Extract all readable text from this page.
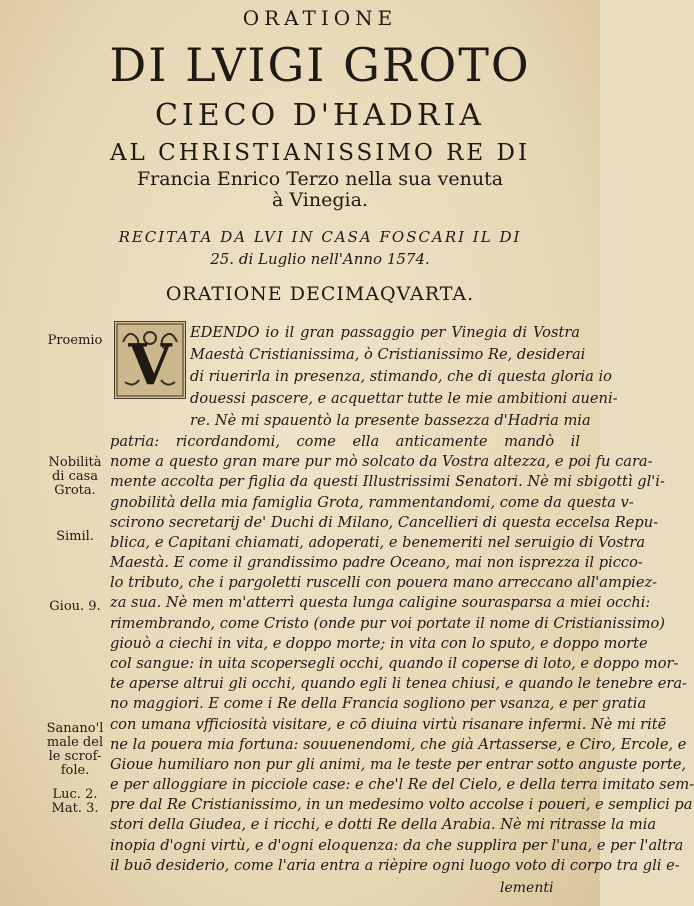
ORATIONE
DI LVIGI GROTO
CIECO D'HADRIA
AL CHRISTIANISSIMO RE DI
Francia Enrico Terzo nella sua venuta
à Vinegia.
RECITATA DA LVI IN CASA FOSCARI IL DI
25. di Luglio nell'Anno 1574.
ORATIONE DECIMAQVARTA.
Proemio
Nobilità
di casa
Grota.
Simil.
Giou. 9.
Sanano'l
male del
le scrof-
fole.
Luc. 2.
Mat. 3.
V EDENDO io il gran passaggio per Vinegia di Vostra
Maestà Cristianissima, ò Cristianissimo Re, desiderai
di riuerirla in presenza, stimando, che di questa gloria io
douessi pascere, e acquettar tutte le mie ambitioni aueni-
re. Nè mi spauentò la presente bassezza d'Hadria mia
patria: ricordandomi, come ella anticamente mandò il
nome a questo gran mare pur mò solcato da Vostra altezza, e poi fu cara-
mente accolta per figlia da questi Illustrissimi Senatori. Nè mi sbigottì gl'i-
gnobilità della mia famiglia Grota, rammentandomi, come da questa v-
scirono secretarij de' Duchi di Milano, Cancellieri di questa eccelsa Repu-
blica, e Capitani chiamati, adoperati, e benemeriti nel seruigio di Vostra
Maestà. E come il grandissimo padre Oceano, mai non isprezza il picco-
lo tributo, che i pargoletti ruscelli con pouera mano arreccano all'ampiez-
za sua. Nè men m'atterrì questa lunga caligine sourasparsa a miei occhi:
rimembrando, come Cristo (onde pur voi portate il nome di Cristianissimo)
giouò a ciechi in vita, e doppo morte; in vita con lo sputo, e doppo morte
col sangue: in uita scopersegli occhi, quando il coperse di loto, e doppo mor-
te aperse altrui gli occhi, quando egli li tenea chiusi, e quando le tenebre era-
no maggiori. E come i Re della Francia sogliono per vsanza, e per gratia
con umana vfficiosità visitare, e cō diuina virtù risanare infermi. Nè mi ritē
ne la pouera mia fortuna: souuenendomi, che già Artasserse, e Ciro, Ercole, e
Gioue humiliaro non pur gli animi, ma le teste per entrar sotto anguste porte,
e per alloggiare in picciole case: e che'l Re del Cielo, e della terra imitato sem-
pre dal Re Cristianissimo, in un medesimo volto accolse i poueri, e semplici pa
stori della Giudea, e i ricchi, e dotti Re della Arabia. Nè mi ritrasse la mia
inopia d'ogni virtù, e d'ogni eloquenza: da che supplira per l'una, e per l'altra
il buō desiderio, come l'aria entra a rièpire ogni luogo voto di corpo tra gli e-
lementi
